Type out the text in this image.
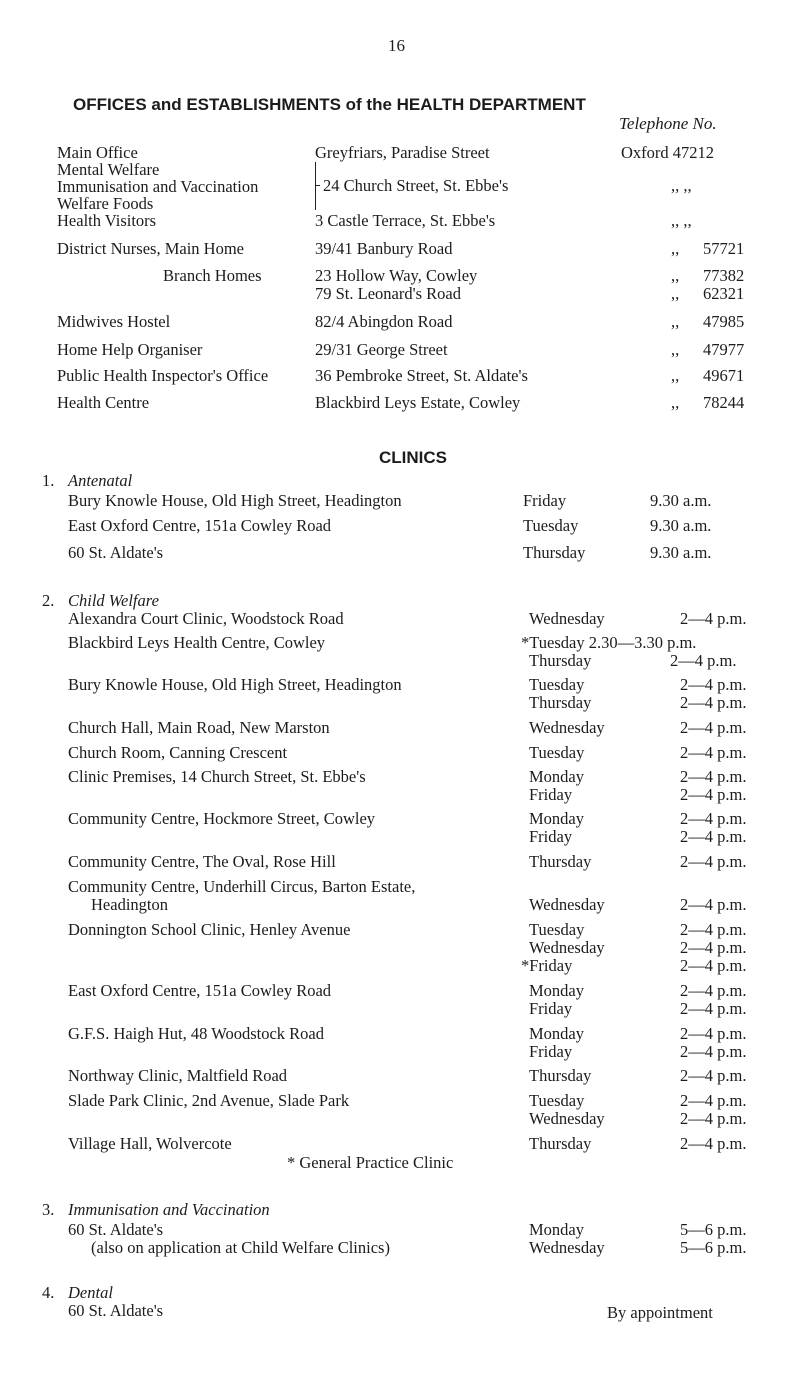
16
OFFICES and ESTABLISHMENTS of the HEALTH DEPARTMENT
Telephone No.
Main Office	Greyfriars, Paradise Street	Oxford 47212
Mental Welfare
Immunisation and Vaccination	24 Church Street, St. Ebbe's	,, ,,
Welfare Foods
Health Visitors	3 Castle Terrace, St. Ebbe's	,, ,,
District Nurses, Main Home	39/41 Banbury Road	,, 57721
Branch Homes	23 Hollow Way, Cowley	,, 77382
79 St. Leonard's Road	,, 62321
Midwives Hostel	82/4 Abingdon Road	,, 47985
Home Help Organiser	29/31 George Street	,, 47977
Public Health Inspector's Office	36 Pembroke Street, St. Aldate's	,, 49671
Health Centre	Blackbird Leys Estate, Cowley	,, 78244
CLINICS
1. Antenatal
Bury Knowle House, Old High Street, Headington	Friday	9.30 a.m.
East Oxford Centre, 151a Cowley Road	Tuesday	9.30 a.m.
60 St. Aldate's	Thursday	9.30 a.m.
2. Child Welfare
Alexandra Court Clinic, Woodstock Road	Wednesday	2—4 p.m.
Blackbird Leys Health Centre, Cowley	*Tuesday 2.30—3.30 p.m.
Thursday	2—4 p.m.
Bury Knowle House, Old High Street, Headington	Tuesday	2—4 p.m.
Thursday	2—4 p.m.
Church Hall, Main Road, New Marston	Wednesday	2—4 p.m.
Church Room, Canning Crescent	Tuesday	2—4 p.m.
Clinic Premises, 14 Church Street, St. Ebbe's	Monday	2—4 p.m.
Friday	2—4 p.m.
Community Centre, Hockmore Street, Cowley	Monday	2—4 p.m.
Friday	2—4 p.m.
Community Centre, The Oval, Rose Hill	Thursday	2—4 p.m.
Community Centre, Underhill Circus, Barton Estate,
Headington	Wednesday	2—4 p.m.
Donnington School Clinic, Henley Avenue	Tuesday	2—4 p.m.
Wednesday	2—4 p.m.
*Friday	2—4 p.m.
East Oxford Centre, 151a Cowley Road	Monday	2—4 p.m.
Friday	2—4 p.m.
G.F.S. Haigh Hut, 48 Woodstock Road	Monday	2—4 p.m.
Friday	2—4 p.m.
Northway Clinic, Maltfield Road	Thursday	2—4 p.m.
Slade Park Clinic, 2nd Avenue, Slade Park	Tuesday	2—4 p.m.
Wednesday	2—4 p.m.
Village Hall, Wolvercote	Thursday	2—4 p.m.
* General Practice Clinic
3. Immunisation and Vaccination
60 St. Aldate's	Monday	5—6 p.m.
(also on application at Child Welfare Clinics)	Wednesday	5—6 p.m.
4. Dental
60 St. Aldate's	By appointment
